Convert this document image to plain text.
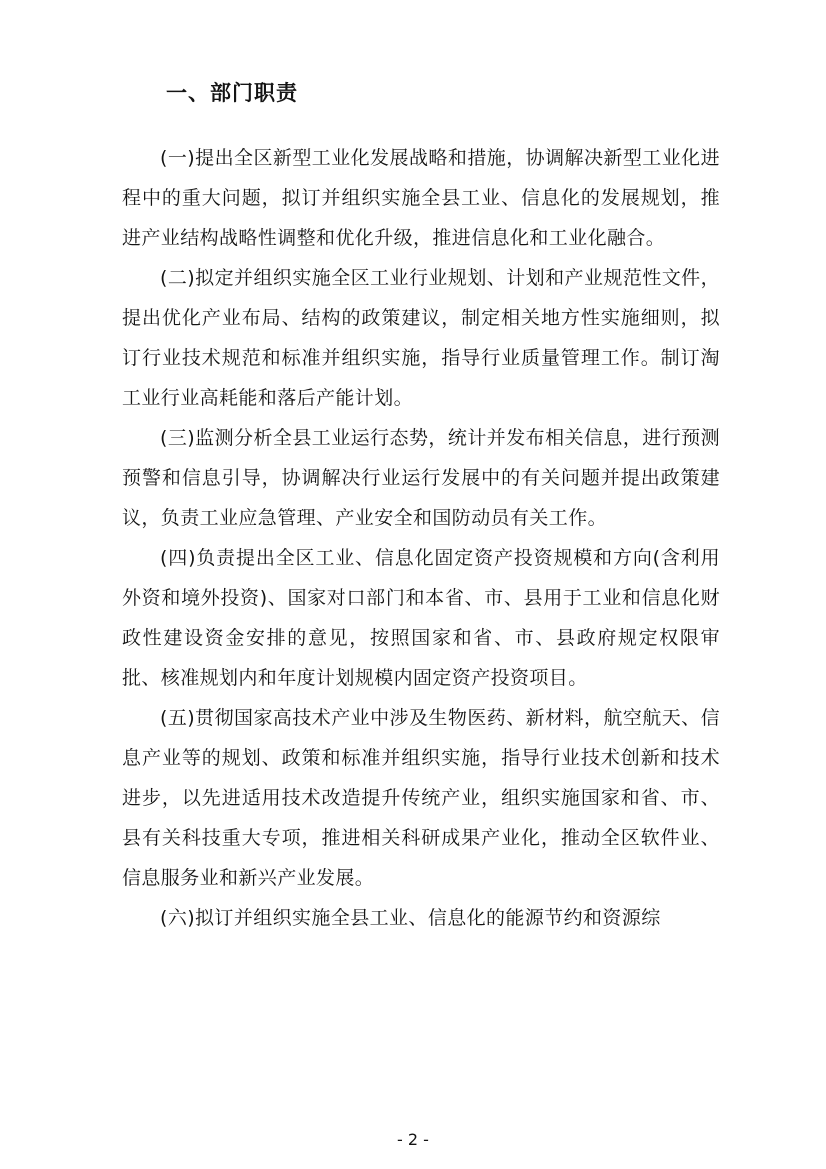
一、部门职责

(一)提出全区新型工业化发展战略和措施，协调解决新型工业化进程中的重大问题，拟订并组织实施全县工业、信息化的发展规划，推进产业结构战略性调整和优化升级，推进信息化和工业化融合。

(二)拟定并组织实施全区工业行业规划、计划和产业规范性文件，提出优化产业布局、结构的政策建议，制定相关地方性实施细则，拟订行业技术规范和标准并组织实施，指导行业质量管理工作。制订淘工业行业高耗能和落后产能计划。

(三)监测分析全县工业运行态势，统计并发布相关信息，进行预测预警和信息引导，协调解决行业运行发展中的有关问题并提出政策建议，负责工业应急管理、产业安全和国防动员有关工作。

(四)负责提出全区工业、信息化固定资产投资规模和方向(含利用外资和境外投资)、国家对口部门和本省、市、县用于工业和信息化财政性建设资金安排的意见，按照国家和省、市、县政府规定权限审批、核准规划内和年度计划规模内固定资产投资项目。

(五)贯彻国家高技术产业中涉及生物医药、新材料，航空航天、信息产业等的规划、政策和标准并组织实施，指导行业技术创新和技术进步，以先进适用技术改造提升传统产业，组织实施国家和省、市、县有关科技重大专项，推进相关科研成果产业化，推动全区软件业、信息服务业和新兴产业发展。

(六)拟订并组织实施全县工业、信息化的能源节约和资源综

- 2 -
